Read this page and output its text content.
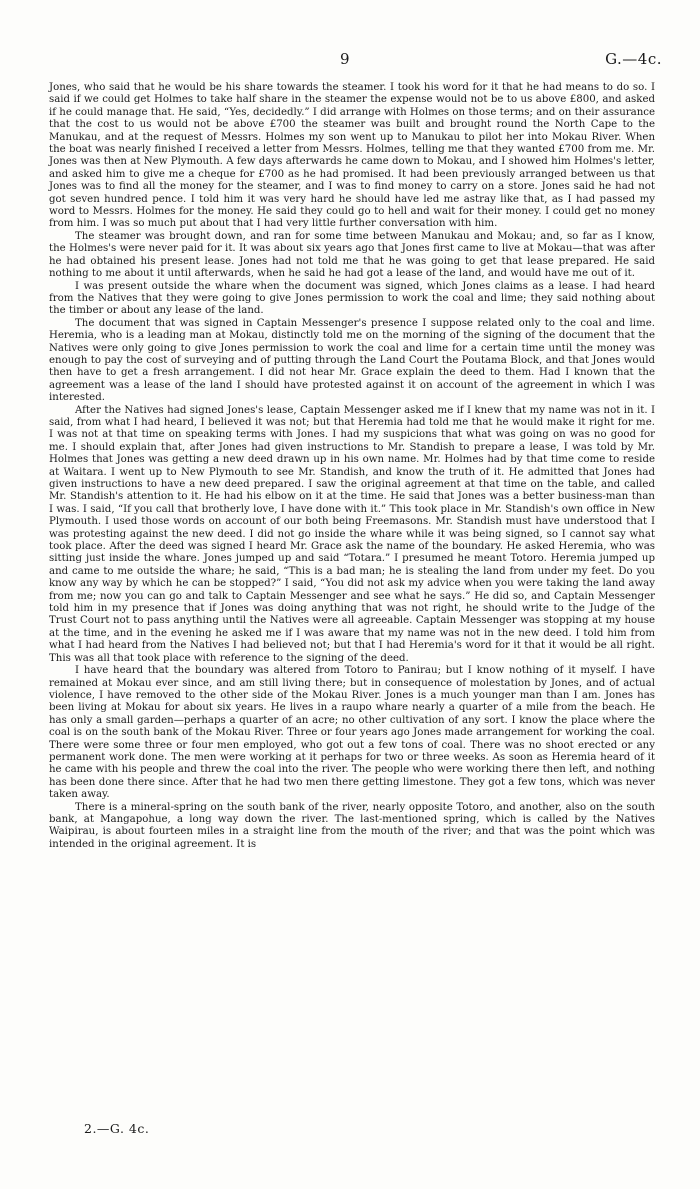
9	G.—4c.

Jones, who said that he would be his share towards the steamer. I took his word for it that he had means to do so. I said if we could get Holmes to take half share in the steamer the expense would not be to us above £800, and asked if he could manage that. He said, “Yes, decidedly.” I did arrange with Holmes on those terms; and on their assurance that the cost to us would not be above £700 the steamer was built and brought round the North Cape to the Manukau, and at the request of Messrs. Holmes my son went up to Manukau to pilot her into Mokau River. When the boat was nearly finished I received a letter from Messrs. Holmes, telling me that they wanted £700 from me. Mr. Jones was then at New Plymouth. A few days afterwards he came down to Mokau, and I showed him Holmes's letter, and asked him to give me a cheque for £700 as he had promised. It had been previously arranged between us that Jones was to find all the money for the steamer, and I was to find money to carry on a store. Jones said he had not got seven hundred pence. I told him it was very hard he should have led me astray like that, as I had passed my word to Messrs. Holmes for the money. He said they could go to hell and wait for their money. I could get no money from him. I was so much put about that I had very little further conversation with him.

The steamer was brought down, and ran for some time between Manukau and Mokau; and, so far as I know, the Holmes's were never paid for it. It was about six years ago that Jones first came to live at Mokau—that was after he had obtained his present lease. Jones had not told me that he was going to get that lease prepared. He said nothing to me about it until afterwards, when he said he had got a lease of the land, and would have me out of it.

I was present outside the whare when the document was signed, which Jones claims as a lease. I had heard from the Natives that they were going to give Jones permission to work the coal and lime; they said nothing about the timber or about any lease of the land.

The document that was signed in Captain Messenger's presence I suppose related only to the coal and lime. Heremia, who is a leading man at Mokau, distinctly told me on the morning of the signing of the document that the Natives were only going to give Jones permission to work the coal and lime for a certain time until the money was enough to pay the cost of surveying and of putting through the Land Court the Poutama Block, and that Jones would then have to get a fresh arrangement. I did not hear Mr. Grace explain the deed to them. Had I known that the agreement was a lease of the land I should have protested against it on account of the agreement in which I was interested.

After the Natives had signed Jones's lease, Captain Messenger asked me if I knew that my name was not in it. I said, from what I had heard, I believed it was not; but that Heremia had told me that he would make it right for me. I was not at that time on speaking terms with Jones. I had my suspicions that what was going on was no good for me. I should explain that, after Jones had given instructions to Mr. Standish to prepare a lease, I was told by Mr. Holmes that Jones was getting a new deed drawn up in his own name. Mr. Holmes had by that time come to reside at Waitara. I went up to New Plymouth to see Mr. Standish, and know the truth of it. He admitted that Jones had given instructions to have a new deed prepared. I saw the original agreement at that time on the table, and called Mr. Standish's attention to it. He had his elbow on it at the time. He said that Jones was a better business-man than I was. I said, “If you call that brotherly love, I have done with it.” This took place in Mr. Standish's own office in New Plymouth. I used those words on account of our both being Freemasons. Mr. Standish must have understood that I was protesting against the new deed. I did not go inside the whare while it was being signed, so I cannot say what took place. After the deed was signed I heard Mr. Grace ask the name of the boundary. He asked Heremia, who was sitting just inside the whare. Jones jumped up and said “Totara.” I presumed he meant Totoro. Heremia jumped up and came to me outside the whare; he said, “This is a bad man; he is stealing the land from under my feet. Do you know any way by which he can be stopped?” I said, “You did not ask my advice when you were taking the land away from me; now you can go and talk to Captain Messenger and see what he says.” He did so, and Captain Messenger told him in my presence that if Jones was doing anything that was not right, he should write to the Judge of the Trust Court not to pass anything until the Natives were all agreeable. Captain Messenger was stopping at my house at the time, and in the evening he asked me if I was aware that my name was not in the new deed. I told him from what I had heard from the Natives I had believed not; but that I had Heremia's word for it that it would be all right. This was all that took place with reference to the signing of the deed.

I have heard that the boundary was altered from Totoro to Panirau; but I know nothing of it myself. I have remained at Mokau ever since, and am still living there; but in consequence of molestation by Jones, and of actual violence, I have removed to the other side of the Mokau River. Jones is a much younger man than I am. Jones has been living at Mokau for about six years. He lives in a raupo whare nearly a quarter of a mile from the beach. He has only a small garden—perhaps a quarter of an acre; no other cultivation of any sort. I know the place where the coal is on the south bank of the Mokau River. Three or four years ago Jones made arrangement for working the coal. There were some three or four men employed, who got out a few tons of coal. There was no shoot erected or any permanent work done. The men were working at it perhaps for two or three weeks. As soon as Heremia heard of it he came with his people and threw the coal into the river. The people who were working there then left, and nothing has been done there since. After that he had two men there getting limestone. They got a few tons, which was never taken away.

There is a mineral-spring on the south bank of the river, nearly opposite Totoro, and another, also on the south bank, at Mangapohue, a long way down the river. The last-mentioned spring, which is called by the Natives Waipirau, is about fourteen miles in a straight line from the mouth of the river; and that was the point which was intended in the original agreement. It is

2.—G. 4c.
